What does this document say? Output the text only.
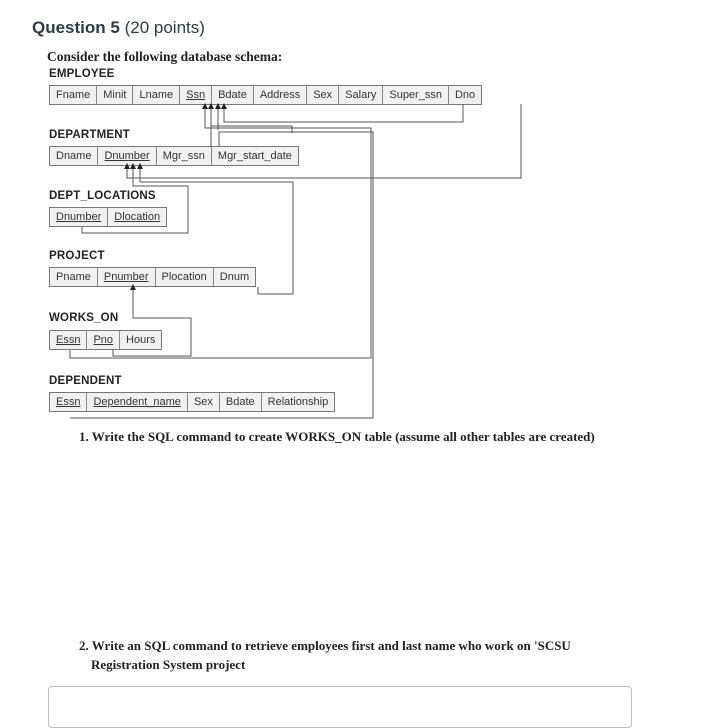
Question 5 (20 points)
Consider the following database schema:
EMPLOYEE
Fname	Minit	Lname	Ssn	Bdate	Address	Sex	Salary	Super_ssn	Dno
DEPARTMENT
Dname	Dnumber	Mgr_ssn	Mgr_start_date
DEPT_LOCATIONS
Dnumber	Dlocation
PROJECT
Pname	Pnumber	Plocation	Dnum
WORKS_ON
Essn	Pno	Hours
DEPENDENT
Essn	Dependent_name	Sex	Bdate	Relationship
1. Write the SQL command to create WORKS_ON table (assume all other tables are created)
2. Write an SQL command to retrieve employees first and last name who work on 'SCSU
Registration System project
